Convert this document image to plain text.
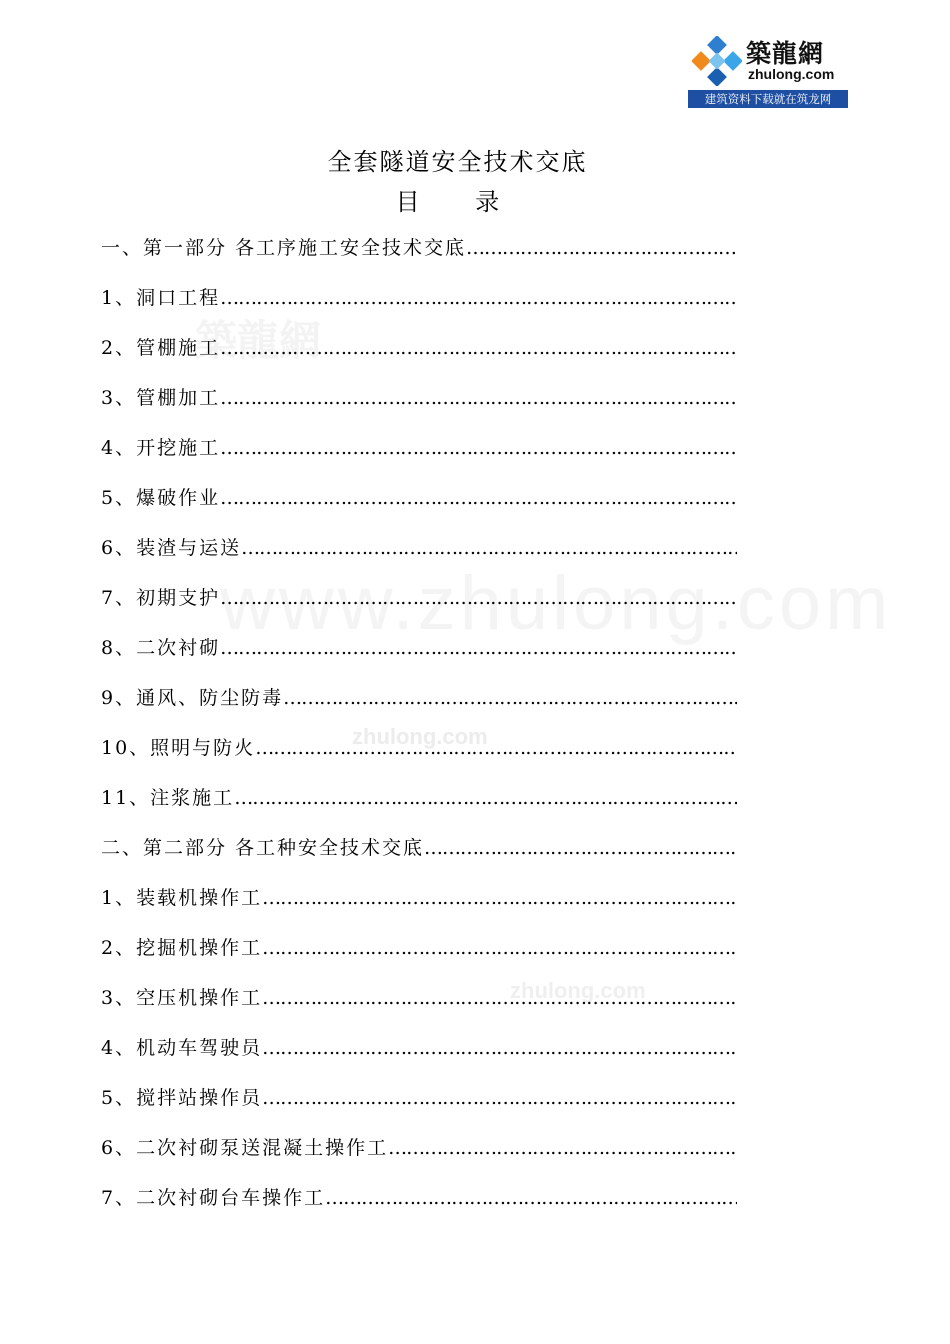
築龍網
zhulong.com
建筑资料下载就在筑龙网
築龍網
www.zhulong.com
zhulong.com
zhulong.com
全套隧道安全技术交底
目 录
一、第一部分 各工序施工安全技术交底
………………………………………………………………………………………………………………………………………………
1、洞口工程
………………………………………………………………………………………………………………………………………………
2、管棚施工
………………………………………………………………………………………………………………………………………………
3、管棚加工
………………………………………………………………………………………………………………………………………………
4、开挖施工
………………………………………………………………………………………………………………………………………………
5、爆破作业
………………………………………………………………………………………………………………………………………………
6、装渣与运送
………………………………………………………………………………………………………………………………………………
7、初期支护
………………………………………………………………………………………………………………………………………………
8、二次衬砌
………………………………………………………………………………………………………………………………………………
9、通风、防尘防毒
………………………………………………………………………………………………………………………………………………
10、照明与防火
………………………………………………………………………………………………………………………………………………
11、注浆施工
………………………………………………………………………………………………………………………………………………
二、第二部分 各工种安全技术交底
………………………………………………………………………………………………………………………………………………
1、装载机操作工
………………………………………………………………………………………………………………………………………………
2、挖掘机操作工
………………………………………………………………………………………………………………………………………………
3、空压机操作工
………………………………………………………………………………………………………………………………………………
4、机动车驾驶员
………………………………………………………………………………………………………………………………………………
5、搅拌站操作员
………………………………………………………………………………………………………………………………………………
6、二次衬砌泵送混凝土操作工
………………………………………………………………………………………………………………………………………………
7、二次衬砌台车操作工
………………………………………………………………………………………………………………………………………………
